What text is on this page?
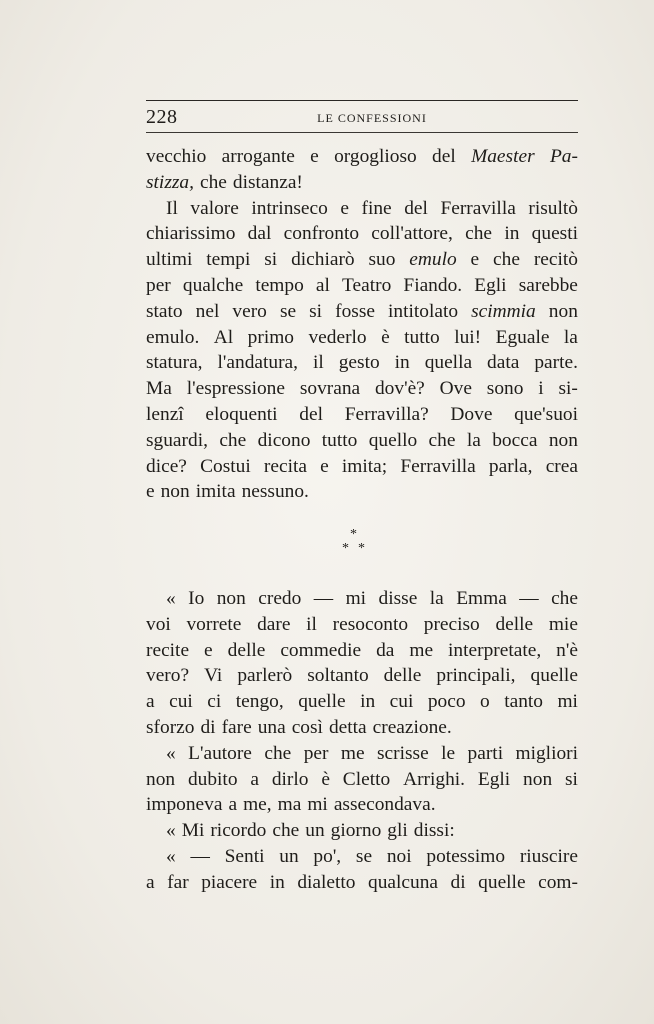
228	LE CONFESSIONI
vecchio arrogante e orgoglioso del Maester Pa-
stizza, che distanza!
Il valore intrinseco e fine del Ferravilla risultò
chiarissimo dal confronto coll'attore, che in questi
ultimi tempi si dichiarò suo emulo e che recitò
per qualche tempo al Teatro Fiando. Egli sarebbe
stato nel vero se si fosse intitolato scimmia non
emulo. Al primo vederlo è tutto lui! Eguale la
statura, l'andatura, il gesto in quella data parte.
Ma l'espressione sovrana dov'è? Ove sono i si-
lenzî eloquenti del Ferravilla? Dove que'suoi
sguardi, che dicono tutto quello che la bocca non
dice? Costui recita e imita; Ferravilla parla, crea
e non imita nessuno.
*
* *
« Io non credo — mi disse la Emma — che
voi vorrete dare il resoconto preciso delle mie
recite e delle commedie da me interpretate, n'è
vero? Vi parlerò soltanto delle principali, quelle
a cui ci tengo, quelle in cui poco o tanto mi
sforzo di fare una così detta creazione.
« L'autore che per me scrisse le parti migliori
non dubito a dirlo è Cletto Arrighi. Egli non si
imponeva a me, ma mi assecondava.
« Mi ricordo che un giorno gli dissi:
« — Senti un po', se noi potessimo riuscire
a far piacere in dialetto qualcuna di quelle com-
